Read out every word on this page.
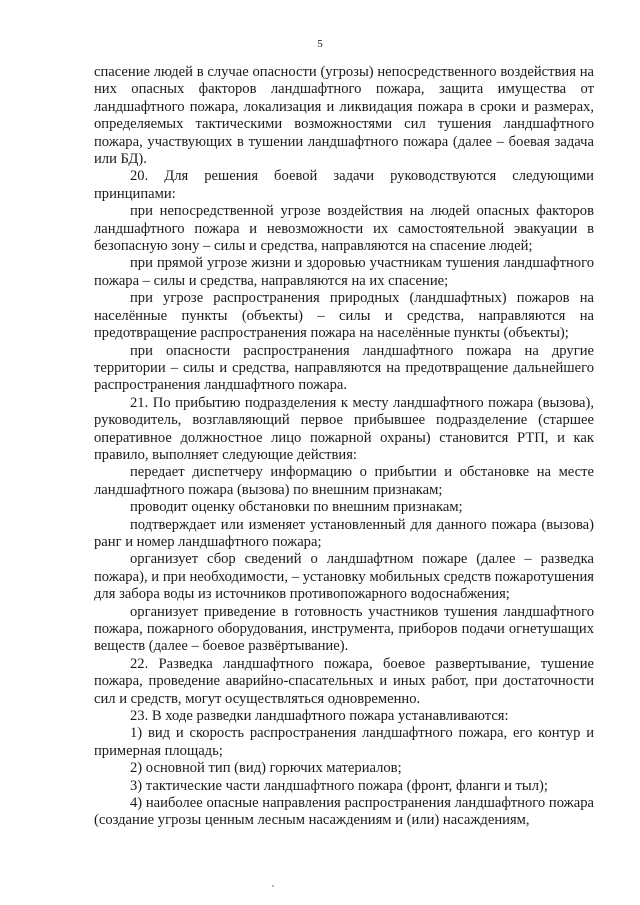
5

спасение людей в случае опасности (угрозы) непосредственного воздействия на них опасных факторов ландшафтного пожара, защита имущества от ландшафтного пожара, локализация и ликвидация пожара в сроки и размерах, определяемых тактическими возможностями сил тушения ландшафтного пожара, участвующих в тушении ландшафтного пожара (далее – боевая задача или БД).

20. Для решения боевой задачи руководствуются следующими принципами:

при непосредственной угрозе воздействия на людей опасных факторов ландшафтного пожара и невозможности их самостоятельной эвакуации в безопасную зону – силы и средства, направляются на спасение людей;

при прямой угрозе жизни и здоровью участникам тушения ландшафтного пожара – силы и средства, направляются на их спасение;

при угрозе распространения природных (ландшафтных) пожаров на населённые пункты (объекты) – силы и средства, направляются на предотвращение распространения пожара на населённые пункты (объекты);

при опасности распространения ландшафтного пожара на другие территории – силы и средства, направляются на предотвращение дальнейшего распространения ландшафтного пожара.

21. По прибытию подразделения к месту ландшафтного пожара (вызова), руководитель, возглавляющий первое прибывшее подразделение (старшее оперативное должностное лицо пожарной охраны) становится РТП, и как правило, выполняет следующие действия:

передает диспетчеру информацию о прибытии и обстановке на месте ландшафтного пожара (вызова) по внешним признакам;

проводит оценку обстановки по внешним признакам;

подтверждает или изменяет установленный для данного пожара (вызова) ранг и номер ландшафтного пожара;

организует сбор сведений о ландшафтном пожаре (далее – разведка пожара), и при необходимости, – установку мобильных средств пожаротушения для забора воды из источников противопожарного водоснабжения;

организует приведение в готовность участников тушения ландшафтного пожара, пожарного оборудования, инструмента, приборов подачи огнетушащих веществ (далее – боевое развёртывание).

22. Разведка ландшафтного пожара, боевое развертывание, тушение пожара, проведение аварийно-спасательных и иных работ, при достаточности сил и средств, могут осуществляться одновременно.

23. В ходе разведки ландшафтного пожара устанавливаются:

1) вид и скорость распространения ландшафтного пожара, его контур и примерная площадь;

2) основной тип (вид) горючих материалов;

3) тактические части ландшафтного пожара (фронт, фланги и тыл);

4) наиболее опасные направления распространения ландшафтного пожара (создание угрозы ценным лесным насаждениям и (или) насаждениям,
